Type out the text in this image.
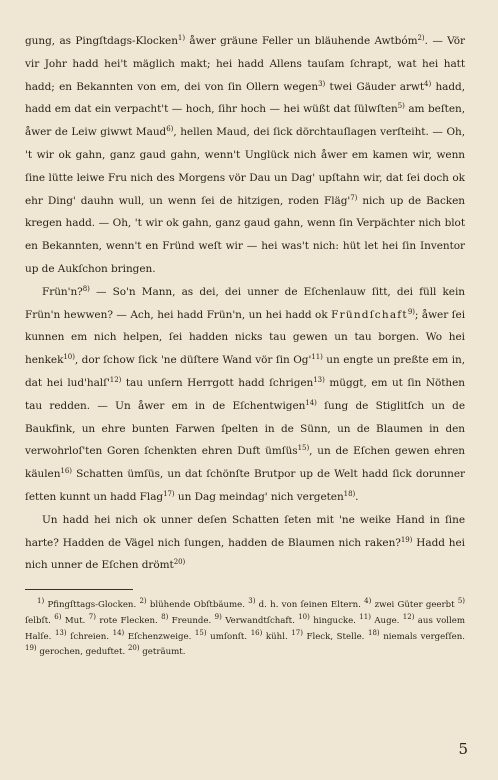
gung, as Pingſtdags-Klocken$^{1)}$ åwer gräune Feller un bläuhende Awtbóm$^{2)}$. — Vör vir Johr hadd hei't mäglich makt; hei hadd Allens tauſam ſchrapt, wat hei hatt hadd; en Bekannten von em, dei von ſin Ollern wegen$^{3)}$ twei Gäuder arwt$^{4)}$ hadd, hadd em dat ein verpacht't — hoch, ſihr hoch — hei wüßt dat ſülwſten$^{5)}$ am beſten, åwer de Leiw giwwt Maud$^{6)}$, hellen Maud, dei ſick dörchtauſlagen verſteiht. — Oh, 't wir ok gahn, ganz gaud gahn, wenn't Unglück nich åwer em kamen wir, wenn ſine lütte leiwe Fru nich des Morgens vör Dau un Dag' upſtahn wir, dat ſei doch ok ehr Ding' dauhn wull, un wenn ſei de hitzigen, roden $Fläg'^{7)}$ nich up de Backen kregen hadd. — Oh, 't wir ok gahn, ganz gaud gahn, wenn ſin Verpächter nich blot en Bekannten, wenn't en Fründ weſt wir — hei was't nich: hüt let hei ſin Inventor up de Aukſchon bringen.

Frün'n?$^{8)}$ — So'n Mann, as dei, dei unner de Eſchenlauw ſitt, dei füll kein Frün'n hewwen? — Ach, hei hadd Frün'n, un hei hadd ok Fründſchaft$^{9)}$; åwer ſei kunnen em nich helpen, ſei hadden nicks tau gewen un tau borgen. Wo hei henkek$^{10)}$, dor ſchow ſick 'ne düſtere Wand vör ſin $Og'^{11)}$ un engte un preßte em in, dat hei $lud'halſ'^{12)}$ tau unſern Herrgott hadd ſchrigen$^{13)}$ müggt, em ut ſin Nöthen tau redden. — Un åwer em in de Eſchentwigen$^{14)}$ ſung de Stiglitſch un de Baukfink, un ehre bunten Farwen ſpelten in de Sünn, un de Blaumen in den verwohrloſ'ten Goren ſchenkten ehren Duft ümſüs$^{15)}$, un de Eſchen gewen ehren käulen$^{16)}$ Schatten ümſüs, un dat ſchönſte Brutpor up de Welt hadd ſick dorunner ſetten kunnt un hadd Flag$^{17)}$ un Dag meindag' nich vergeten$^{18)}$.

Un hadd hei nich ok unner deſen Schatten ſeten mit 'ne weike Hand in ſine harte? Hadden de Vägel nich ſungen, hadden de Blaumen nich raken?$^{19)}$ Hadd hei nich unner de Eſchen drömt$^{20)}$

$^{1)}$ Pfingſttags-Glocken. $^{2)}$ blühende Obſtbäume. $^{3)}$ d. h. von ſeinen Eltern. $^{4)}$ zwei Güter geerbt $^{5)}$ ſelbſt. $^{6)}$ Mut. $^{7)}$ rote Flecken. $^{8)}$ Freunde. $^{9)}$ Verwandtſchaft. $^{10)}$ hingucke. $^{11)}$ Auge. $^{12)}$ aus vollem Halſe. $^{13)}$ ſchreien. $^{14)}$ Eſchenzweige. $^{15)}$ umſonſt. $^{16)}$ kühl. $^{17)}$ Fleck, Stelle. $^{18)}$ niemals vergeſſen. $^{19)}$ gerochen, geduftet. $^{20)}$ geträumt.

5
